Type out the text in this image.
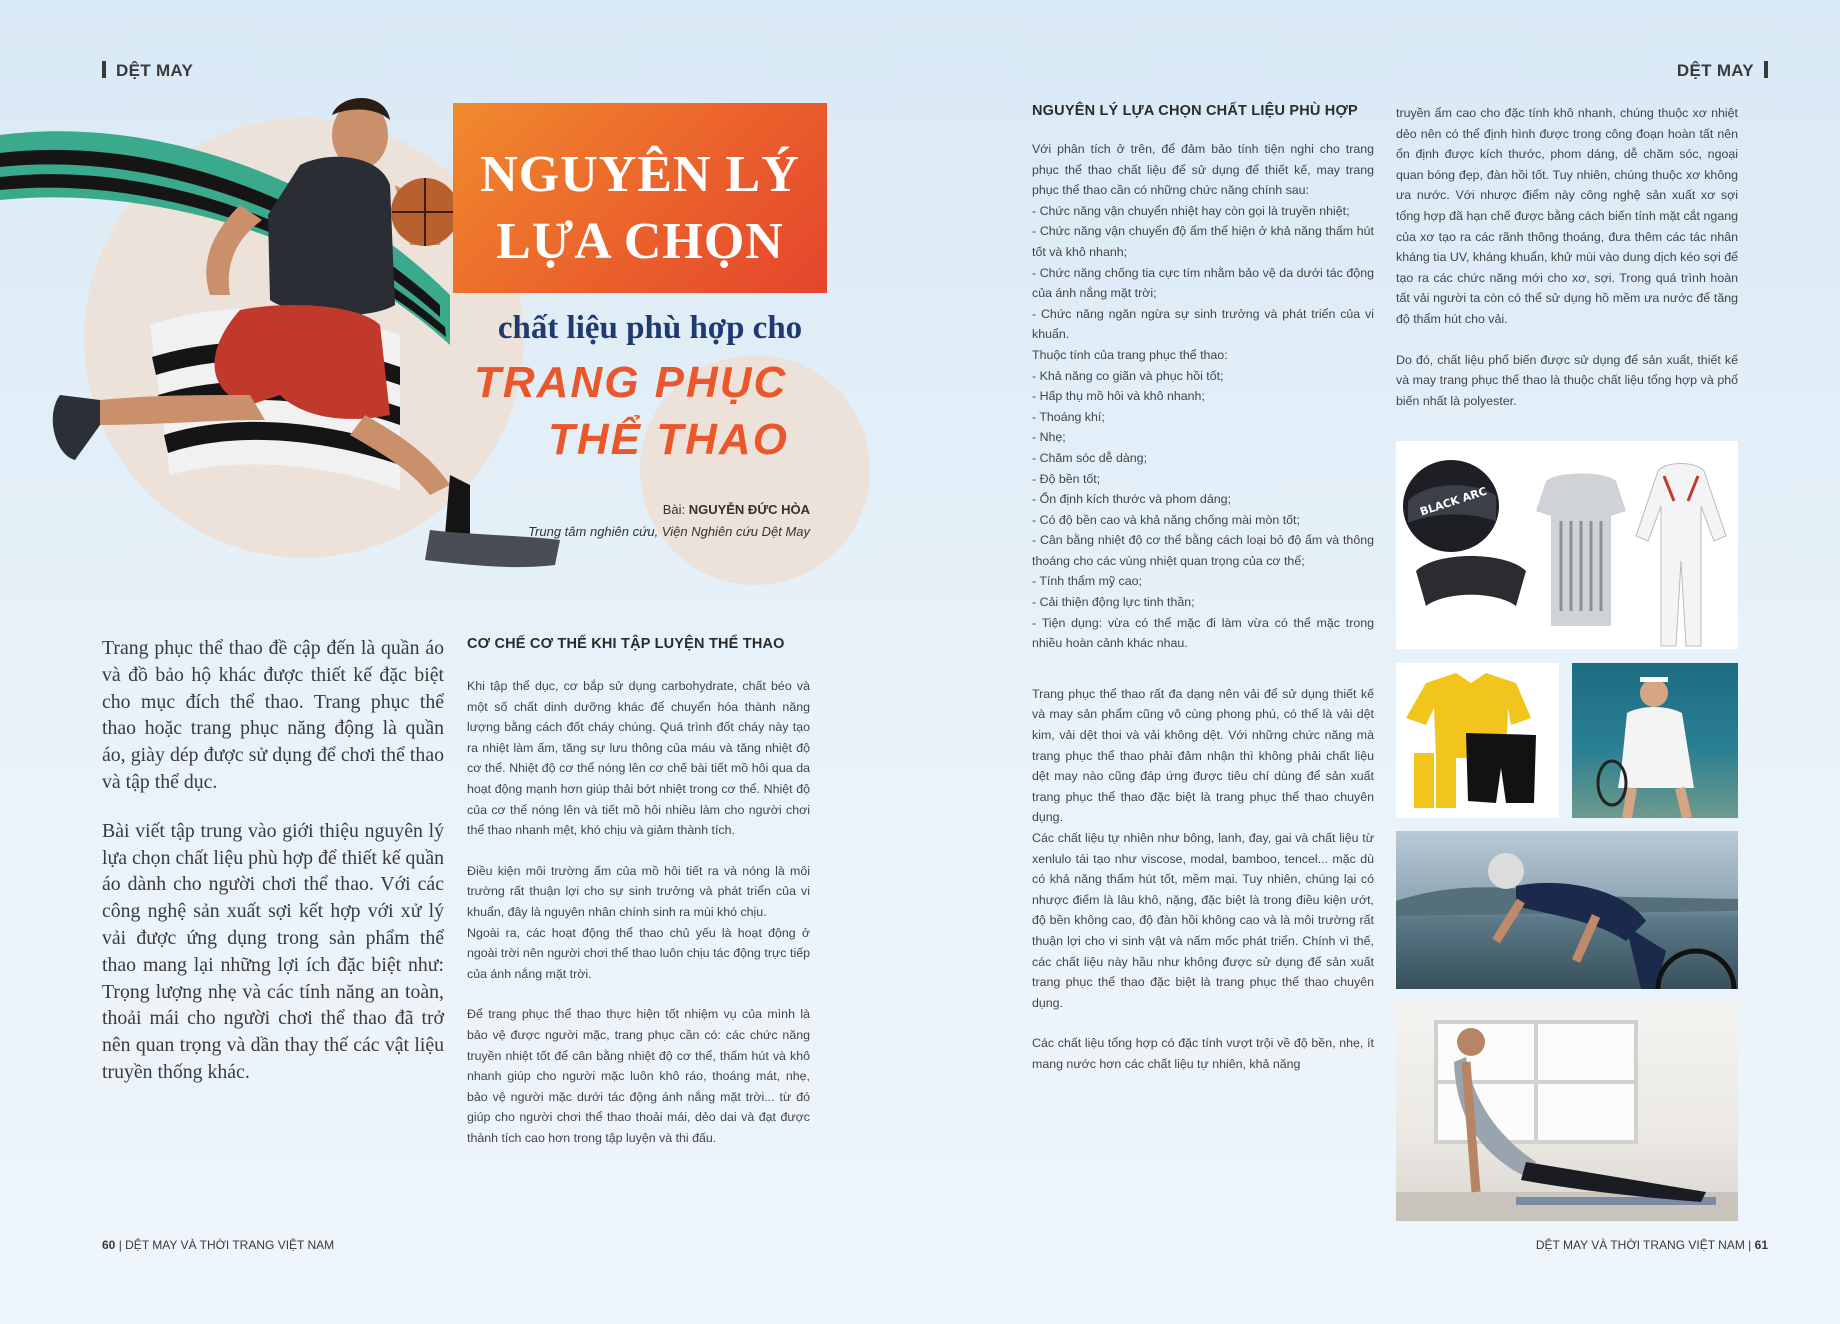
DỆT MAY
NGUYÊN LÝ
LỰA CHỌN
chất liệu phù hợp cho
TRANG PHỤC
THỂ THAO
Bài: NGUYỄN ĐỨC HÒA
Trung tâm nghiên cứu, Viện Nghiên cứu Dệt May

Trang phục thể thao đề cập đến là quần áo và đồ bảo hộ khác được thiết kế đặc biệt cho mục đích thể thao. Trang phục thể thao hoặc trang phục năng động là quần áo, giày dép được sử dụng để chơi thể thao và tập thể dục.

Bài viết tập trung vào giới thiệu nguyên lý lựa chọn chất liệu phù hợp để thiết kế quần áo dành cho người chơi thể thao. Với các công nghệ sản xuất sợi kết hợp với xử lý vải được ứng dụng trong sản phẩm thể thao mang lại những lợi ích đặc biệt như: Trọng lượng nhẹ và các tính năng an toàn, thoải mái cho người chơi thể thao đã trở nên quan trọng và dần thay thế các vật liệu truyền thống khác.

CƠ CHẾ CƠ THỂ KHI TẬP LUYỆN THỂ THAO

Khi tập thể dục, cơ bắp sử dụng carbohydrate, chất béo và một số chất dinh dưỡng khác để chuyển hóa thành năng lượng bằng cách đốt cháy chúng. Quá trình đốt cháy này tạo ra nhiệt làm ấm, tăng sự lưu thông của máu và tăng nhiệt độ cơ thể. Nhiệt độ cơ thể nóng lên cơ chế bài tiết mồ hôi qua da hoạt động mạnh hơn giúp thải bớt nhiệt trong cơ thể. Nhiệt độ của cơ thể nóng lên và tiết mồ hôi nhiều làm cho người chơi thể thao nhanh mệt, khó chịu và giảm thành tích.

Điều kiện môi trường ấm của mồ hôi tiết ra và nóng là môi trường rất thuận lợi cho sự sinh trưởng và phát triển của vi khuẩn, đây là nguyên nhân chính sinh ra mùi khó chịu.

Ngoài ra, các hoạt động thể thao chủ yếu là hoạt động ở ngoài trời nên người chơi thể thao luôn chịu tác động trực tiếp của ánh nắng mặt trời.

Để trang phục thể thao thực hiện tốt nhiệm vụ của mình là bảo vệ được người mặc, trang phục cần có: các chức năng truyền nhiệt tốt để cân bằng nhiệt độ cơ thể, thấm hút và khô nhanh giúp cho người mặc luôn khô ráo, thoáng mát, nhẹ, bảo vệ người mặc dưới tác động ánh nắng mặt trời... từ đó giúp cho người chơi thể thao thoải mái, dẻo dai và đạt được thành tích cao hơn trong tập luyện và thi đấu.

60 | DỆT MAY VÀ THỜI TRANG VIỆT NAM
DỆT MAY
NGUYÊN LÝ LỰA CHỌN CHẤT LIỆU PHÙ HỢP

Với phân tích ở trên, để đảm bảo tính tiện nghi cho trang phục thể thao chất liệu để sử dụng để thiết kế, may trang phục thể thao cần có những chức năng chính sau:

- Chức năng vận chuyển nhiệt hay còn gọi là truyền nhiệt;
- Chức năng vận chuyển độ ẩm thể hiện ở khả năng thấm hút tốt và khô nhanh;
- Chức năng chống tia cực tím nhằm bảo vệ da dưới tác động của ánh nắng mặt trời;
- Chức năng ngăn ngừa sự sinh trưởng và phát triển của vi khuẩn.

Thuộc tính của trang phục thể thao:

- Khả năng co giãn và phục hồi tốt;
- Hấp thụ mồ hôi và khô nhanh;
- Thoáng khí;
- Nhẹ;
- Chăm sóc dễ dàng;
- Độ bền tốt;
- Ổn định kích thước và phom dáng;
- Có độ bền cao và khả năng chống mài mòn tốt;
- Cân bằng nhiệt độ cơ thể bằng cách loại bỏ độ ẩm và thông thoáng cho các vùng nhiệt quan trọng của cơ thể;
- Tính thẩm mỹ cao;
- Cải thiện động lực tinh thần;
- Tiện dụng: vừa có thể mặc đi làm vừa có thể mặc trong nhiều hoàn cảnh khác nhau.

Trang phục thể thao rất đa dạng nên vải để sử dụng thiết kế và may sản phẩm cũng vô cùng phong phú, có thể là vải dệt kim, vải dệt thoi và vải không dệt. Với những chức năng mà trang phục thể thao phải đảm nhận thì không phải chất liệu dệt may nào cũng đáp ứng được tiêu chí dùng để sản xuất trang phục thể thao đặc biệt là trang phục thể thao chuyên dụng.

Các chất liệu tự nhiên như bông, lanh, đay, gai và chất liệu từ xenlulo tái tạo như viscose, modal, bamboo, tencel... mặc dù có khả năng thấm hút tốt, mềm mại. Tuy nhiên, chúng lại có nhược điểm là lâu khô, nặng, đặc biệt là trong điều kiện ướt, độ bền không cao, độ đàn hồi không cao và là môi trường rất thuận lợi cho vi sinh vật và nấm mốc phát triển. Chính vì thế, các chất liệu này hầu như không được sử dụng để sản xuất trang phục thể thao đặc biệt là trang phục thể thao chuyên dụng.

Các chất liệu tổng hợp có đặc tính vượt trội về độ bền, nhẹ, ít mang nước hơn các chất liệu tự nhiên, khả năng

truyền ẩm cao cho đặc tính khô nhanh, chúng thuộc xơ nhiệt dẻo nên có thể định hình được trong công đoạn hoàn tất nên ổn định được kích thước, phom dáng, dễ chăm sóc, ngoại quan bóng đẹp, đàn hồi tốt. Tuy nhiên, chúng thuộc xơ không ưa nước. Với nhược điểm này công nghệ sản xuất xơ sợi tổng hợp đã hạn chế được bằng cách biến tính mặt cắt ngang của xơ tạo ra các rãnh thông thoáng, đưa thêm các tác nhân kháng tia UV, kháng khuẩn, khử mùi vào dung dịch kéo sợi để tạo ra các chức năng mới cho xơ, sợi. Trong quá trình hoàn tất vải người ta còn có thể sử dụng hồ mềm ưa nước để tăng độ thẩm hút cho vải.

Do đó, chất liệu phổ biến được sử dụng để sản xuất, thiết kế và may trang phục thể thao là thuộc chất liệu tổng hợp và phổ biến nhất là polyester.

BLACK ARC
DỆT MAY VÀ THỜI TRANG VIỆT NAM | 61
